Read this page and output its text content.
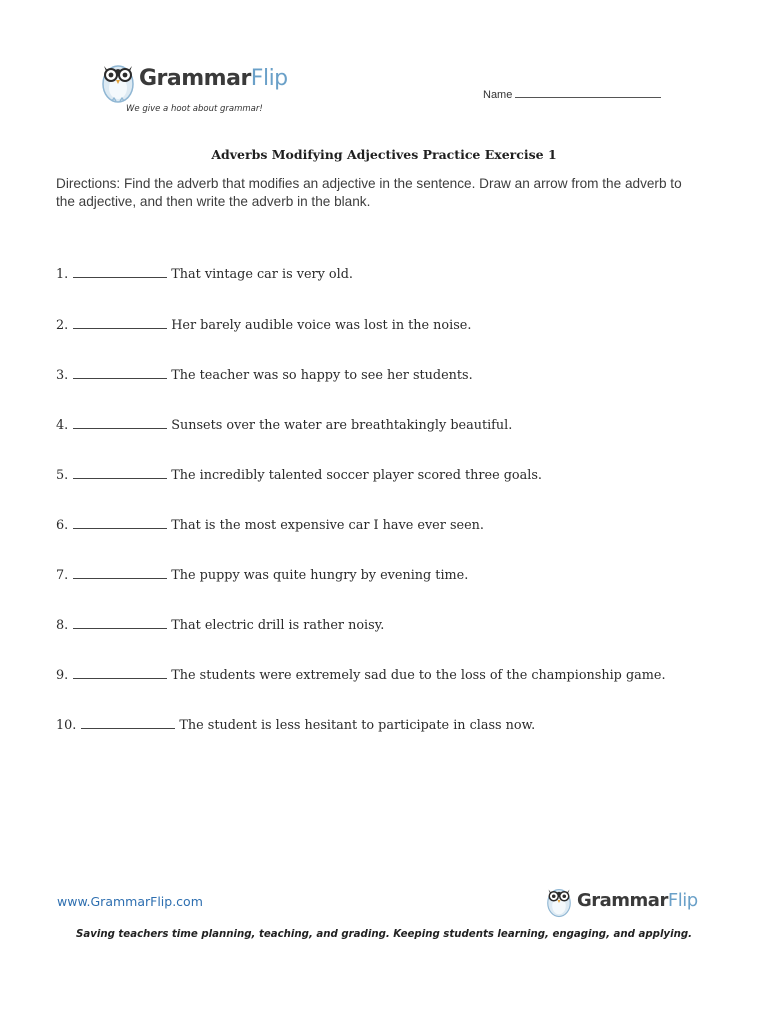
GrammarFlip
We give a hoot about grammar!
Name
Adverbs Modifying Adjectives Practice Exercise 1
Directions: Find the adverb that modifies an adjective in the sentence. Draw an arrow from the adverb to the adjective, and then write the adverb in the blank.
1.	That vintage car is very old.
2.	Her barely audible voice was lost in the noise.
3.	The teacher was so happy to see her students.
4.	Sunsets over the water are breathtakingly beautiful.
5.	The incredibly talented soccer player scored three goals.
6.	That is the most expensive car I have ever seen.
7.	The puppy was quite hungry by evening time.
8.	That electric drill is rather noisy.
9.	The students were extremely sad due to the loss of the championship game.
10.	The student is less hesitant to participate in class now.
www.GrammarFlip.com	GrammarFlip
Saving teachers time planning, teaching, and grading. Keeping students learning, engaging, and applying.
